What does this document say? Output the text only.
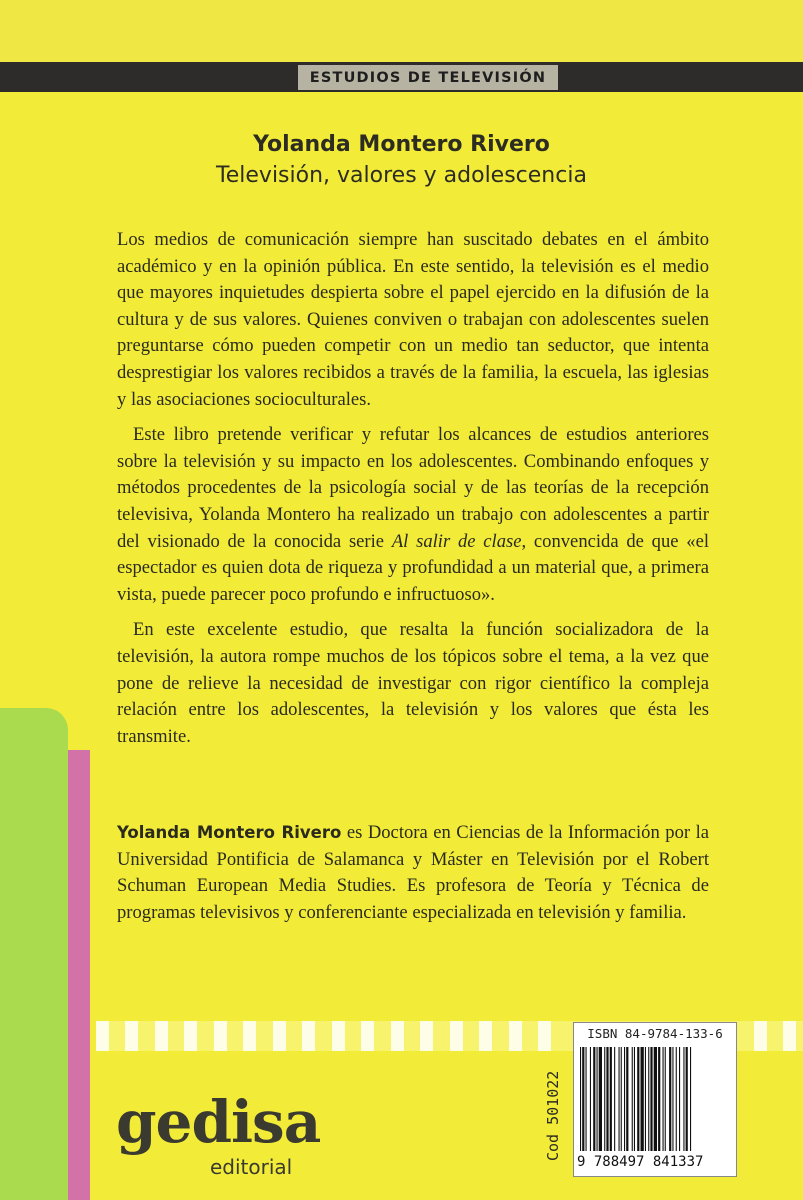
ESTUDIOS DE TELEVISIÓN
Yolanda Montero Rivero
Televisión, valores y adolescencia

Los medios de comunicación siempre han suscitado debates en el ámbito académico y en la opinión pública. En este sentido, la televisión es el medio que mayores inquietudes despierta sobre el papel ejercido en la difusión de la cultura y de sus valores. Quienes conviven o trabajan con adolescentes suelen preguntarse cómo pueden competir con un medio tan seductor, que intenta desprestigiar los valores recibidos a través de la familia, la escuela, las iglesias y las asociaciones socioculturales.

Este libro pretende verificar y refutar los alcances de estudios anteriores sobre la televisión y su impacto en los adolescentes. Combinando enfoques y métodos procedentes de la psicología social y de las teorías de la recepción televisiva, Yolanda Montero ha realizado un trabajo con adolescentes a partir del visionado de la conocida serie Al salir de clase, convencida de que «el espectador es quien dota de riqueza y profundidad a un material que, a primera vista, puede parecer poco profundo e infructuoso».

En este excelente estudio, que resalta la función socializadora de la televisión, la autora rompe muchos de los tópicos sobre el tema, a la vez que pone de relieve la necesidad de investigar con rigor científico la compleja relación entre los adolescentes, la televisión y los valores que ésta les transmite.

Yolanda Montero Rivero es Doctora en Ciencias de la Información por la Universidad Pontificia de Salamanca y Máster en Televisión por el Robert Schuman European Media Studies. Es profesora de Teoría y Técnica de programas televisivos y conferenciante especializada en televisión y familia.

gedisa
editorial
Cod 501022
ISBN 84-9784-133-6
9 788497 841337
